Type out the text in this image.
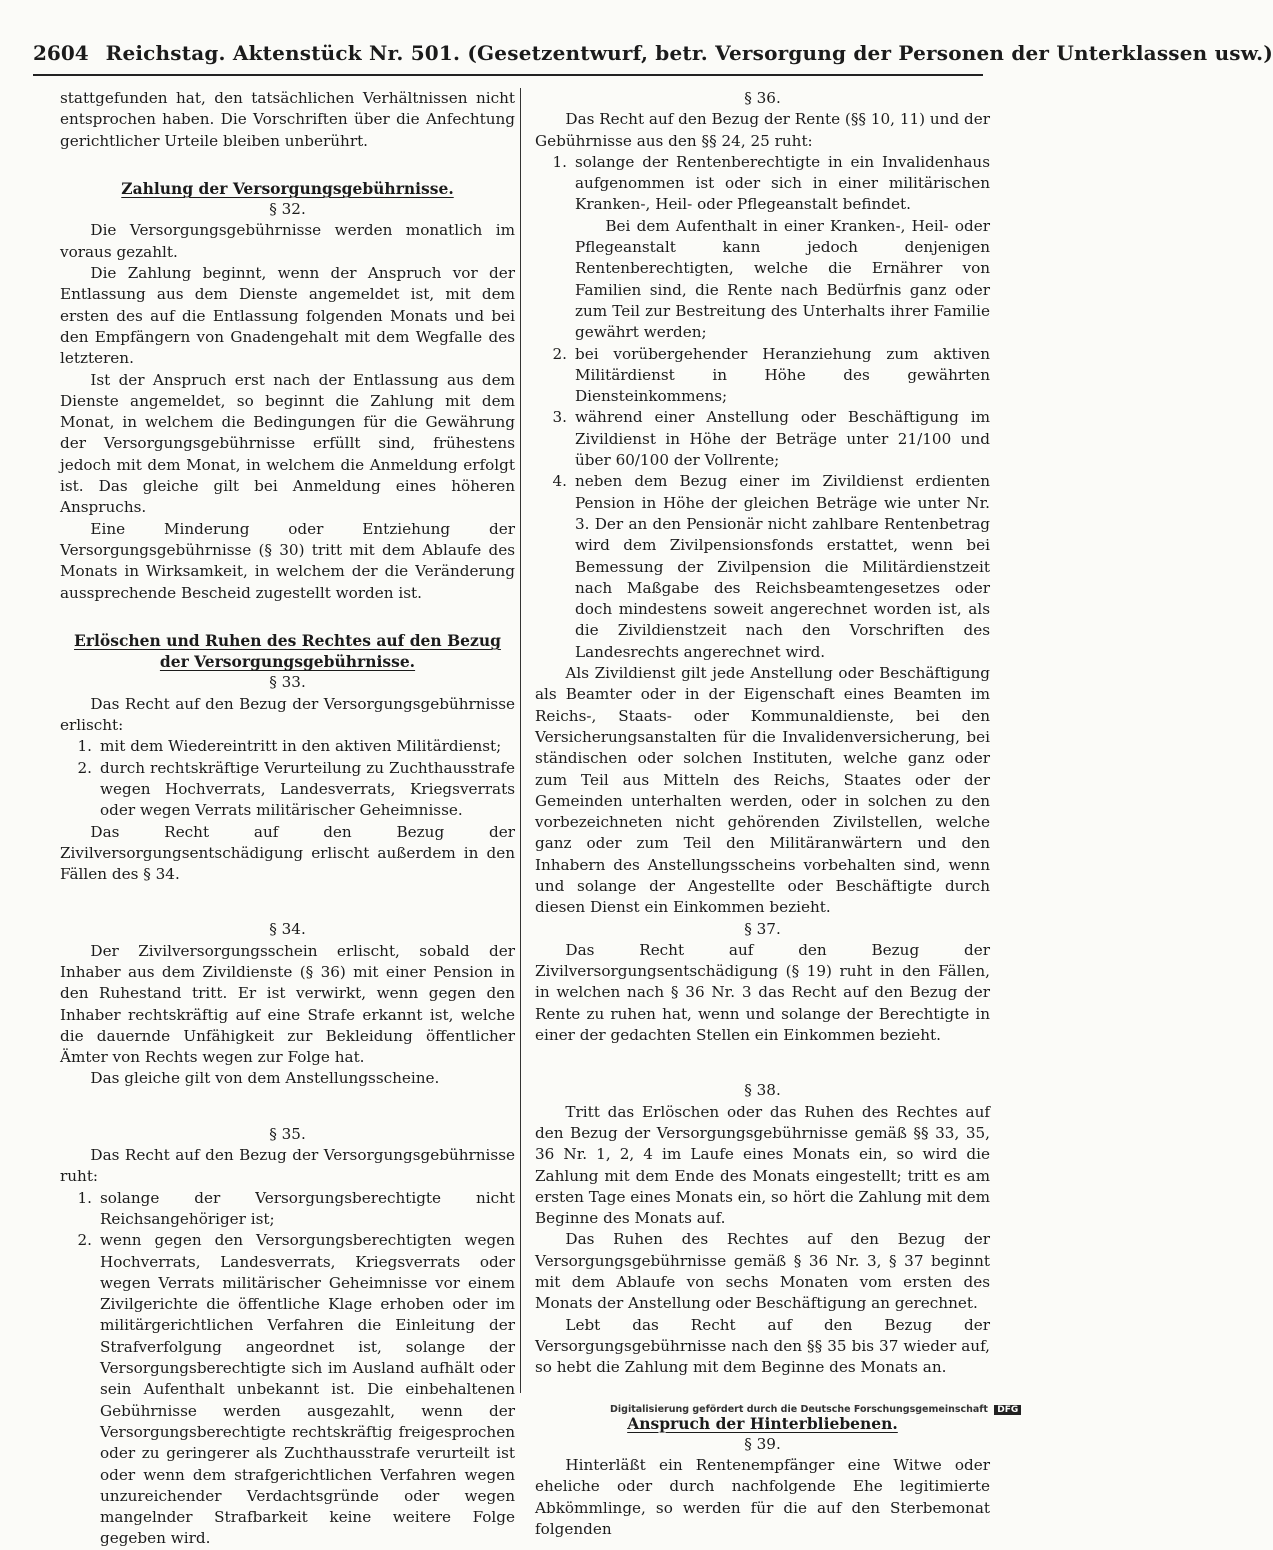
2604 Reichstag. Aktenstück Nr. 501. (Gesetzentwurf, betr. Versorgung der Personen der Unterklassen usw.)

stattgefunden hat, den tatsächlichen Verhältnissen nicht entsprochen haben. Die Vorschriften über die Anfechtung gerichtlicher Urteile bleiben unberührt.

Zahlung der Versorgungsgebührnisse.
§ 32.

Die Versorgungsgebührnisse werden monatlich im voraus gezahlt.

Die Zahlung beginnt, wenn der Anspruch vor der Entlassung aus dem Dienste angemeldet ist, mit dem ersten des auf die Entlassung folgenden Monats und bei den Empfängern von Gnadengehalt mit dem Wegfalle des letzteren.

Ist der Anspruch erst nach der Entlassung aus dem Dienste angemeldet, so beginnt die Zahlung mit dem Monat, in welchem die Bedingungen für die Gewährung der Versorgungsgebührnisse erfüllt sind, frühestens jedoch mit dem Monat, in welchem die Anmeldung erfolgt ist. Das gleiche gilt bei Anmeldung eines höheren Anspruchs.

Eine Minderung oder Entziehung der Versorgungsgebührnisse (§ 30) tritt mit dem Ablaufe des Monats in Wirksamkeit, in welchem der die Veränderung aussprechende Bescheid zugestellt worden ist.

Erlöschen und Ruhen des Rechtes auf den Bezug der Versorgungsgebührnisse.
§ 33.

Das Recht auf den Bezug der Versorgungsgebührnisse erlischt:

1. mit dem Wiedereintritt in den aktiven Militärdienst;
2. durch rechtskräftige Verurteilung zu Zuchthausstrafe wegen Hochverrats, Landesverrats, Kriegsverrats oder wegen Verrats militärischer Geheimnisse.

Das Recht auf den Bezug der Zivilversorgungsentschädigung erlischt außerdem in den Fällen des § 34.

§ 34.

Der Zivilversorgungsschein erlischt, sobald der Inhaber aus dem Zivildienste (§ 36) mit einer Pension in den Ruhestand tritt. Er ist verwirkt, wenn gegen den Inhaber rechtskräftig auf eine Strafe erkannt ist, welche die dauernde Unfähigkeit zur Bekleidung öffentlicher Ämter von Rechts wegen zur Folge hat.

Das gleiche gilt von dem Anstellungsscheine.

§ 35.

Das Recht auf den Bezug der Versorgungsgebührnisse ruht:

1. solange der Versorgungsberechtigte nicht Reichsangehöriger ist;
2. wenn gegen den Versorgungsberechtigten wegen Hochverrats, Landesverrats, Kriegsverrats oder wegen Verrats militärischer Geheimnisse vor einem Zivilgerichte die öffentliche Klage erhoben oder im militärgerichtlichen Verfahren die Einleitung der Strafverfolgung angeordnet ist, solange der Versorgungsberechtigte sich im Ausland aufhält oder sein Aufenthalt unbekannt ist. Die einbehaltenen Gebührnisse werden ausgezahlt, wenn der Versorgungsberechtigte rechtskräftig freigesprochen oder zu geringerer als Zuchthausstrafe verurteilt ist oder wenn dem strafgerichtlichen Verfahren wegen unzureichender Verdachtsgründe oder wegen mangelnder Strafbarkeit keine weitere Folge gegeben wird.
§ 36.

Das Recht auf den Bezug der Rente (§§ 10, 11) und der Gebührnisse aus den §§ 24, 25 ruht:

1. solange der Rentenberechtigte in ein Invalidenhaus aufgenommen ist oder sich in einer militärischen Kranken-, Heil- oder Pflegeanstalt befindet.
Bei dem Aufenthalt in einer Kranken-, Heil- oder Pflegeanstalt kann jedoch denjenigen Rentenberechtigten, welche die Ernährer von Familien sind, die Rente nach Bedürfnis ganz oder zum Teil zur Bestreitung des Unterhalts ihrer Familie gewährt werden;
2. bei vorübergehender Heranziehung zum aktiven Militärdienst in Höhe des gewährten Diensteinkommens;
3. während einer Anstellung oder Beschäftigung im Zivildienst in Höhe der Beträge unter 21/100 und über 60/100 der Vollrente;
4. neben dem Bezug einer im Zivildienst erdienten Pension in Höhe der gleichen Beträge wie unter Nr. 3. Der an den Pensionär nicht zahlbare Rentenbetrag wird dem Zivilpensionsfonds erstattet, wenn bei Bemessung der Zivilpension die Militärdienstzeit nach Maßgabe des Reichsbeamtengesetzes oder doch mindestens soweit angerechnet worden ist, als die Zivildienstzeit nach den Vorschriften des Landesrechts angerechnet wird.

Als Zivildienst gilt jede Anstellung oder Beschäftigung als Beamter oder in der Eigenschaft eines Beamten im Reichs-, Staats- oder Kommunaldienste, bei den Versicherungsanstalten für die Invalidenversicherung, bei ständischen oder solchen Instituten, welche ganz oder zum Teil aus Mitteln des Reichs, Staates oder der Gemeinden unterhalten werden, oder in solchen zu den vorbezeichneten nicht gehörenden Zivilstellen, welche ganz oder zum Teil den Militäranwärtern und den Inhabern des Anstellungsscheins vorbehalten sind, wenn und solange der Angestellte oder Beschäftigte durch diesen Dienst ein Einkommen bezieht.

§ 37.

Das Recht auf den Bezug der Zivilversorgungsentschädigung (§ 19) ruht in den Fällen, in welchen nach § 36 Nr. 3 das Recht auf den Bezug der Rente zu ruhen hat, wenn und solange der Berechtigte in einer der gedachten Stellen ein Einkommen bezieht.

§ 38.

Tritt das Erlöschen oder das Ruhen des Rechtes auf den Bezug der Versorgungsgebührnisse gemäß §§ 33, 35, 36 Nr. 1, 2, 4 im Laufe eines Monats ein, so wird die Zahlung mit dem Ende des Monats eingestellt; tritt es am ersten Tage eines Monats ein, so hört die Zahlung mit dem Beginne des Monats auf.

Das Ruhen des Rechtes auf den Bezug der Versorgungsgebührnisse gemäß § 36 Nr. 3, § 37 beginnt mit dem Ablaufe von sechs Monaten vom ersten des Monats der Anstellung oder Beschäftigung an gerechnet.

Lebt das Recht auf den Bezug der Versorgungsgebührnisse nach den §§ 35 bis 37 wieder auf, so hebt die Zahlung mit dem Beginne des Monats an.

Anspruch der Hinterbliebenen.
§ 39.

Hinterläßt ein Rentenempfänger eine Witwe oder eheliche oder durch nachfolgende Ehe legitimierte Abkömmlinge, so werden für die auf den Sterbemonat folgenden

Digitalisierung gefördert durch die Deutsche Forschungsgemeinschaft DFG
